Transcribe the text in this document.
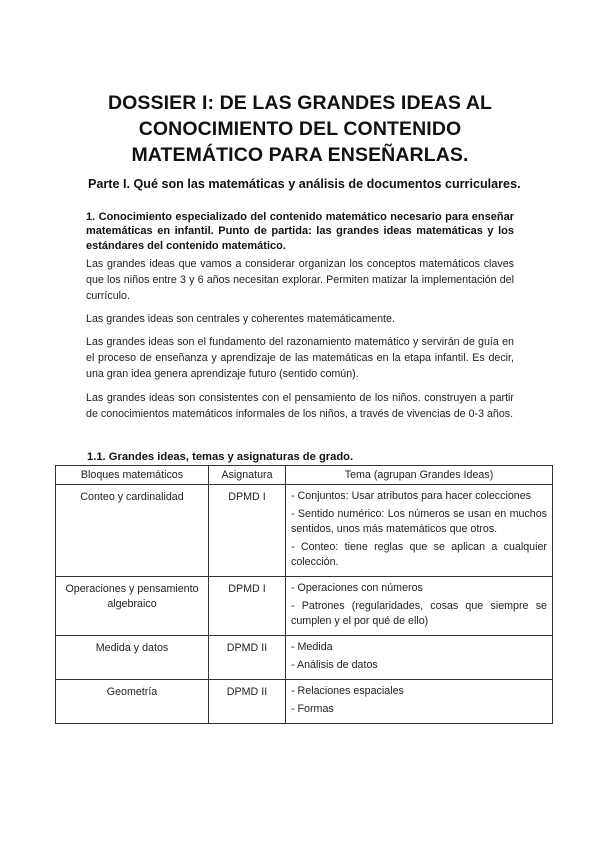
DOSSIER I: DE LAS GRANDES IDEAS AL
CONOCIMIENTO DEL CONTENIDO
MATEMÁTICO PARA ENSEÑARLAS.

Parte I. Qué son las matemáticas y análisis de documentos curriculares.

1. Conocimiento especializado del contenido matemático necesario para enseñar matemáticas en infantil. Punto de partida: las grandes ideas matemáticas y los estándares del contenido matemático.

Las grandes ideas que vamos a considerar organizan los conceptos matemáticos claves que los niños entre 3 y 6 años necesitan explorar. Permiten matizar la implementación del currículo.

Las grandes ideas son centrales y coherentes matemáticamente.

Las grandes ideas son el fundamento del razonamiento matemático y servirán de guía en el proceso de enseñanza y aprendizaje de las matemáticas en la etapa infantil. Es decir, una gran idea genera aprendizaje futuro (sentido común).

Las grandes ideas son consistentes con el pensamiento de los niños. construyen a partir de conocimientos matemáticos informales de los niños, a través de vivencias de 0-3 años.

1.1. Grandes ideas, temas y asignaturas de grado.

Bloques matemáticos	Asignatura	Tema (agrupan Grandes Ideas)
Conteo y cardinalidad	DPMD I	- Conjuntos: Usar atributos para hacer colecciones

- Sentido numérico: Los números se usan en muchos sentidos, unos más matemáticos que otros.

- Conteo: tiene reglas que se aplican a cualquier colección.

Operaciones y pensamiento algebraico	DPMD I	- Operaciones con números

- Patrones (regularidades, cosas que siempre se cumplen y el por qué de ello)

Medida y datos	DPMD II	- Medida

- Análisis de datos

Geometría	DPMD II	- Relaciones espaciales

- Formas
